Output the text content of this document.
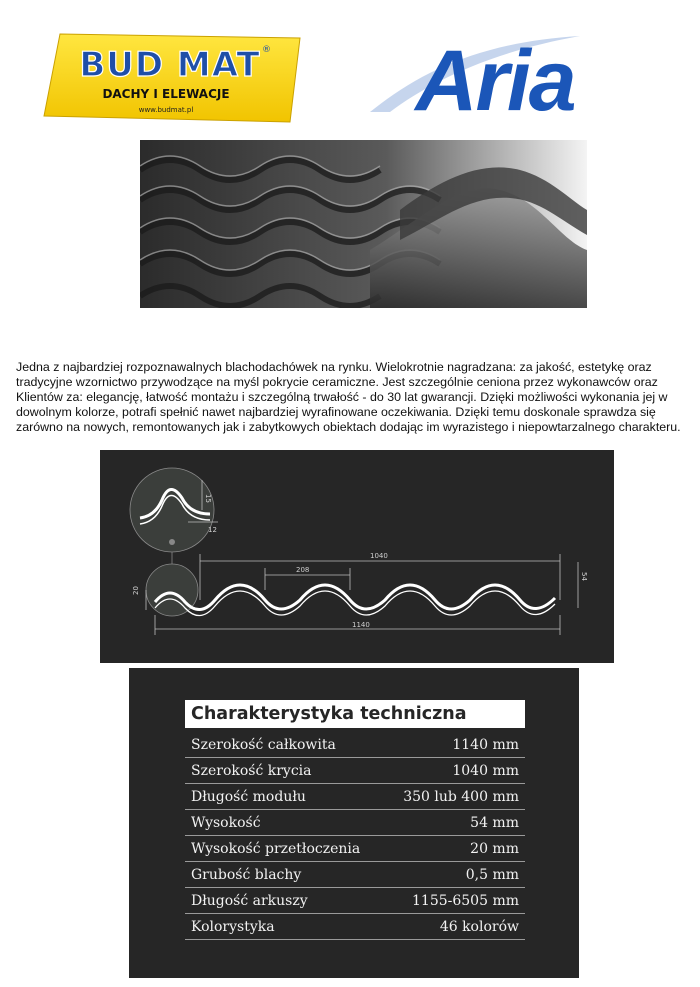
BUD MAT ®
DACHY I ELEWACJE
www.budmat.pl	Aria

Jedna z najbardziej rozpoznawalnych blachodachówek na rynku. Wielokrotnie nagradzana: za jakość, estetykę oraz tradycyjne wzornictwo przywodzące na myśl pokrycie ceramiczne. Jest szczególnie ceniona przez wykonawców oraz Klientów za: elegancję, łatwość montażu i szczególną trwałość - do 30 lat gwarancji. Dzięki możliwości wykonania jej w dowolnym kolorze, potrafi spełnić nawet najbardziej wyrafinowane oczekiwania. Dzięki temu doskonale sprawdza się zarówno na nowych, remontowanych jak i zabytkowych obiektach dodając im wyrazistego i niepowtarzalnego charakteru.

15
12
1040
208
54
20
1140
Charakterystyka techniczna
Szerokość całkowita	1140 mm
Szerokość krycia	1040 mm
Długość modułu	350 lub 400 mm
Wysokość	54 mm
Wysokość przetłoczenia	20 mm
Grubość blachy	0,5 mm
Długość arkuszy	1155-6505 mm
Kolorystyka	46 kolorów
